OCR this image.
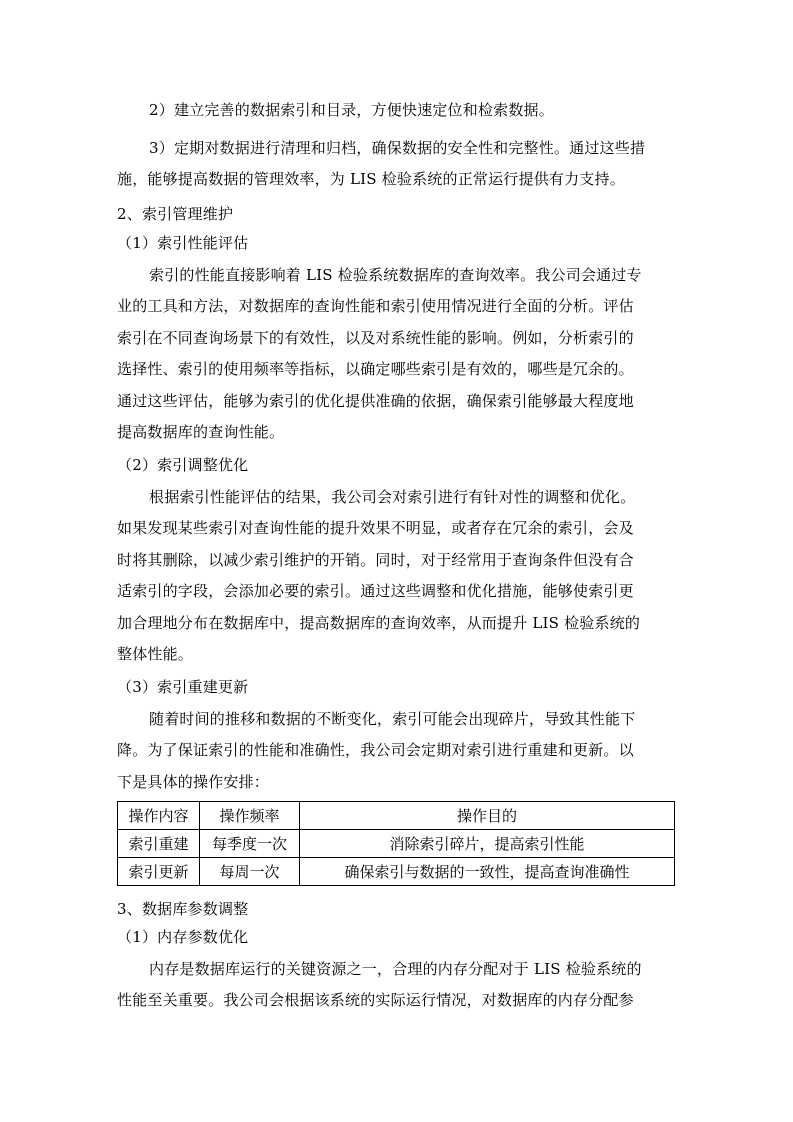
2）建立完善的数据索引和目录，方便快速定位和检索数据。
3）定期对数据进行清理和归档，确保数据的安全性和完整性。通过这些措
施，能够提高数据的管理效率，为 LIS 检验系统的正常运行提供有力支持。
2、索引管理维护
（1）索引性能评估
索引的性能直接影响着 LIS 检验系统数据库的查询效率。我公司会通过专
业的工具和方法，对数据库的查询性能和索引使用情况进行全面的分析。评估
索引在不同查询场景下的有效性，以及对系统性能的影响。例如，分析索引的
选择性、索引的使用频率等指标，以确定哪些索引是有效的，哪些是冗余的。
通过这些评估，能够为索引的优化提供准确的依据，确保索引能够最大程度地
提高数据库的查询性能。
（2）索引调整优化
根据索引性能评估的结果，我公司会对索引进行有针对性的调整和优化。
如果发现某些索引对查询性能的提升效果不明显，或者存在冗余的索引，会及
时将其删除，以减少索引维护的开销。同时，对于经常用于查询条件但没有合
适索引的字段，会添加必要的索引。通过这些调整和优化措施，能够使索引更
加合理地分布在数据库中，提高数据库的查询效率，从而提升 LIS 检验系统的
整体性能。
（3）索引重建更新
随着时间的推移和数据的不断变化，索引可能会出现碎片，导致其性能下
降。为了保证索引的性能和准确性，我公司会定期对索引进行重建和更新。以
下是具体的操作安排：
操作内容	操作频率	操作目的
索引重建	每季度一次	消除索引碎片，提高索引性能
索引更新	每周一次	确保索引与数据的一致性，提高查询准确性
3、数据库参数调整
（1）内存参数优化
内存是数据库运行的关键资源之一，合理的内存分配对于 LIS 检验系统的
性能至关重要。我公司会根据该系统的实际运行情况，对数据库的内存分配参
